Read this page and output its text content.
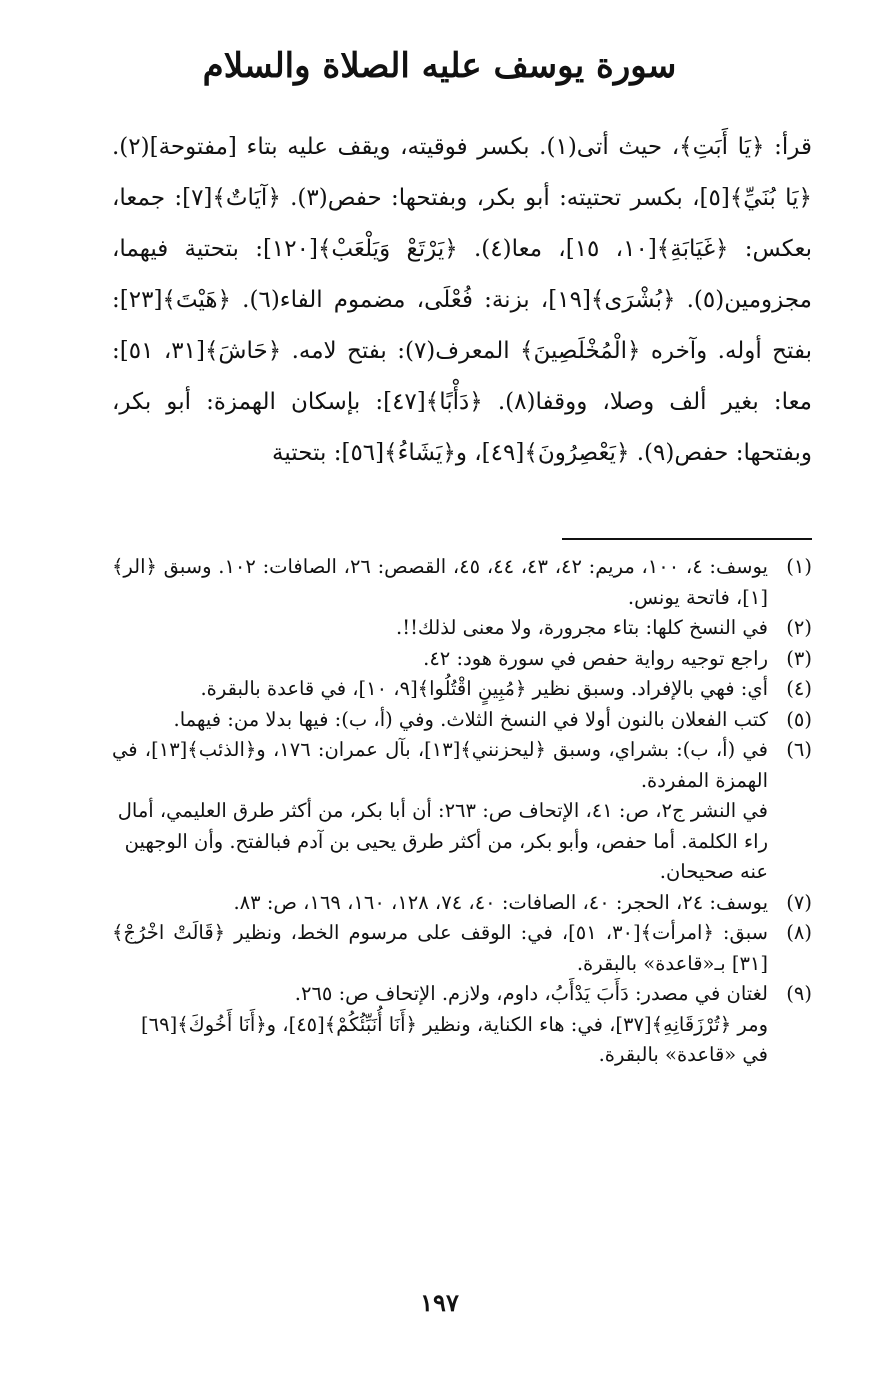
سورة يوسف عليه الصلاة والسلام
قرأ: ﴿يَا أَبَتِ﴾، حيث أتى(١). بكسر فوقيته، ويقف عليه بتاء [مفتوحة](٢). ﴿يَا بُنَيِّ﴾[٥]، بكسر تحتيته: أبو بكر، وبفتحها: حفص(٣). ﴿آيَاتٌ﴾[٧]: جمعا، بعكس: ﴿غَيَابَةِ﴾[١٠، ١٥]، معا(٤). ﴿يَرْتَعْ وَيَلْعَبْ﴾[١٢٠]: بتحتية فيهما، مجزومين(٥). ﴿بُشْرَى﴾[١٩]، بزنة: فُعْلَى، مضموم الفاء(٦). ﴿هَيْتَ﴾[٢٣]: بفتح أوله. وآخره ﴿الْمُخْلَصِينَ﴾ المعرف(٧): بفتح لامه. ﴿حَاشَ﴾[٣١، ٥١]: معا: بغير ألف وصلا، ووقفا(٨). ﴿دَأْبًا﴾[٤٧]: بإسكان الهمزة: أبو بكر، وبفتحها: حفص(٩). ﴿يَعْصِرُونَ﴾[٤٩]، و﴿يَشَاءُ﴾[٥٦]: بتحتية
(١)
يوسف: ٤، ١٠٠، مريم: ٤٢، ٤٣، ٤٤، ٤٥، القصص: ٢٦، الصافات: ١٠٢. وسبق ﴿الر﴾[١]، فاتحة يونس.
(٢)
في النسخ كلها: بتاء مجرورة، ولا معنى لذلك!!.
(٣)
راجع توجيه رواية حفص في سورة هود: ٤٢.
(٤)
أي: فهي بالإفراد. وسبق نظير ﴿مُبِينٍ اقْتُلُوا﴾[٩، ١٠]، في قاعدة بالبقرة.
(٥)
كتب الفعلان بالنون أولا في النسخ الثلاث. وفي (أ، ب): فيها بدلا من: فيهما.
(٦)
في (أ، ب): بشراي، وسبق ﴿ليحزنني﴾[١٣]، بآل عمران: ١٧٦، و﴿الذئب﴾[١٣]، في الهمزة المفردة.
في النشر ج٢، ص: ٤١، الإتحاف ص: ٢٦٣: أن أبا بكر، من أكثر طرق العليمي، أمال راء الكلمة. أما حفص، وأبو بكر، من أكثر طرق يحيى بن آدم فبالفتح. وأن الوجهين عنه صحيحان.
(٧)
يوسف: ٢٤، الحجر: ٤٠، الصافات: ٤٠، ٧٤، ١٢٨، ١٦٠، ١٦٩، ص: ٨٣.
(٨)
سبق: ﴿امرأت﴾[٣٠، ٥١]، في: الوقف على مرسوم الخط، ونظير ﴿قَالَتْ اخْرُجْ﴾[٣١] بـ«قاعدة» بالبقرة.
(٩)
لغتان في مصدر: دَأَبَ يَدْأَبُ، داوم، ولازم. الإتحاف ص: ٢٦٥.
ومر ﴿تُرْزَقَانِهِ﴾[٣٧]، في: هاء الكناية، ونظير ﴿أَنَا أُنَبِّئُكُمْ﴾[٤٥]، و﴿أَنَا أَخُوكَ﴾[٦٩] في «قاعدة» بالبقرة.
١٩٧
